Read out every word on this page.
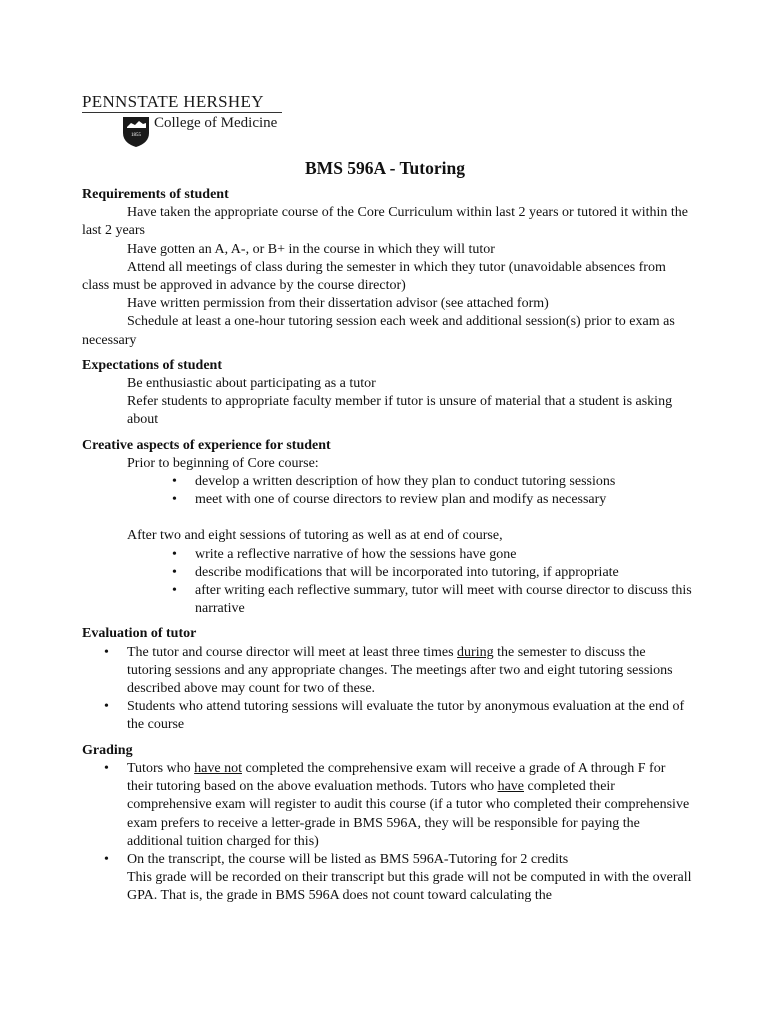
PENNSTATE HERSHEY
1855
College of Medicine
BMS 596A - Tutoring

Requirements of student

Have taken the appropriate course of the Core Curriculum within last 2 years or tutored it within the last 2 years

Have gotten an A, A-, or B+ in the course in which they will tutor

Attend all meetings of class during the semester in which they tutor (unavoidable absences from class must be approved in advance by the course director)

Have written permission from their dissertation advisor (see attached form)

Schedule at least a one-hour tutoring session each week and additional session(s) prior to exam as necessary

Expectations of student

Be enthusiastic about participating as a tutor

Refer students to appropriate faculty member if tutor is unsure of material that a student is asking about

Creative aspects of experience for student

Prior to beginning of Core course:

• develop a written description of how they plan to conduct tutoring sessions
• meet with one of course directors to review plan and modify as necessary

After two and eight sessions of tutoring as well as at end of course,

• write a reflective narrative of how the sessions have gone
• describe modifications that will be incorporated into tutoring, if appropriate
• after writing each reflective summary, tutor will meet with course director to discuss this narrative

Evaluation of tutor

• The tutor and course director will meet at least three times during the semester to discuss the tutoring sessions and any appropriate changes. The meetings after two and eight tutoring sessions described above may count for two of these.
• Students who attend tutoring sessions will evaluate the tutor by anonymous evaluation at the end of the course

Grading

• Tutors who have not completed the comprehensive exam will receive a grade of A through F for their tutoring based on the above evaluation methods. Tutors who have completed their comprehensive exam will register to audit this course (if a tutor who completed their comprehensive exam prefers to receive a letter-grade in BMS 596A, they will be responsible for paying the additional tuition charged for this)
• On the transcript, the course will be listed as BMS 596A-Tutoring for 2 credits
This grade will be recorded on their transcript but this grade will not be computed in with the overall GPA. That is, the grade in BMS 596A does not count toward calculating the
